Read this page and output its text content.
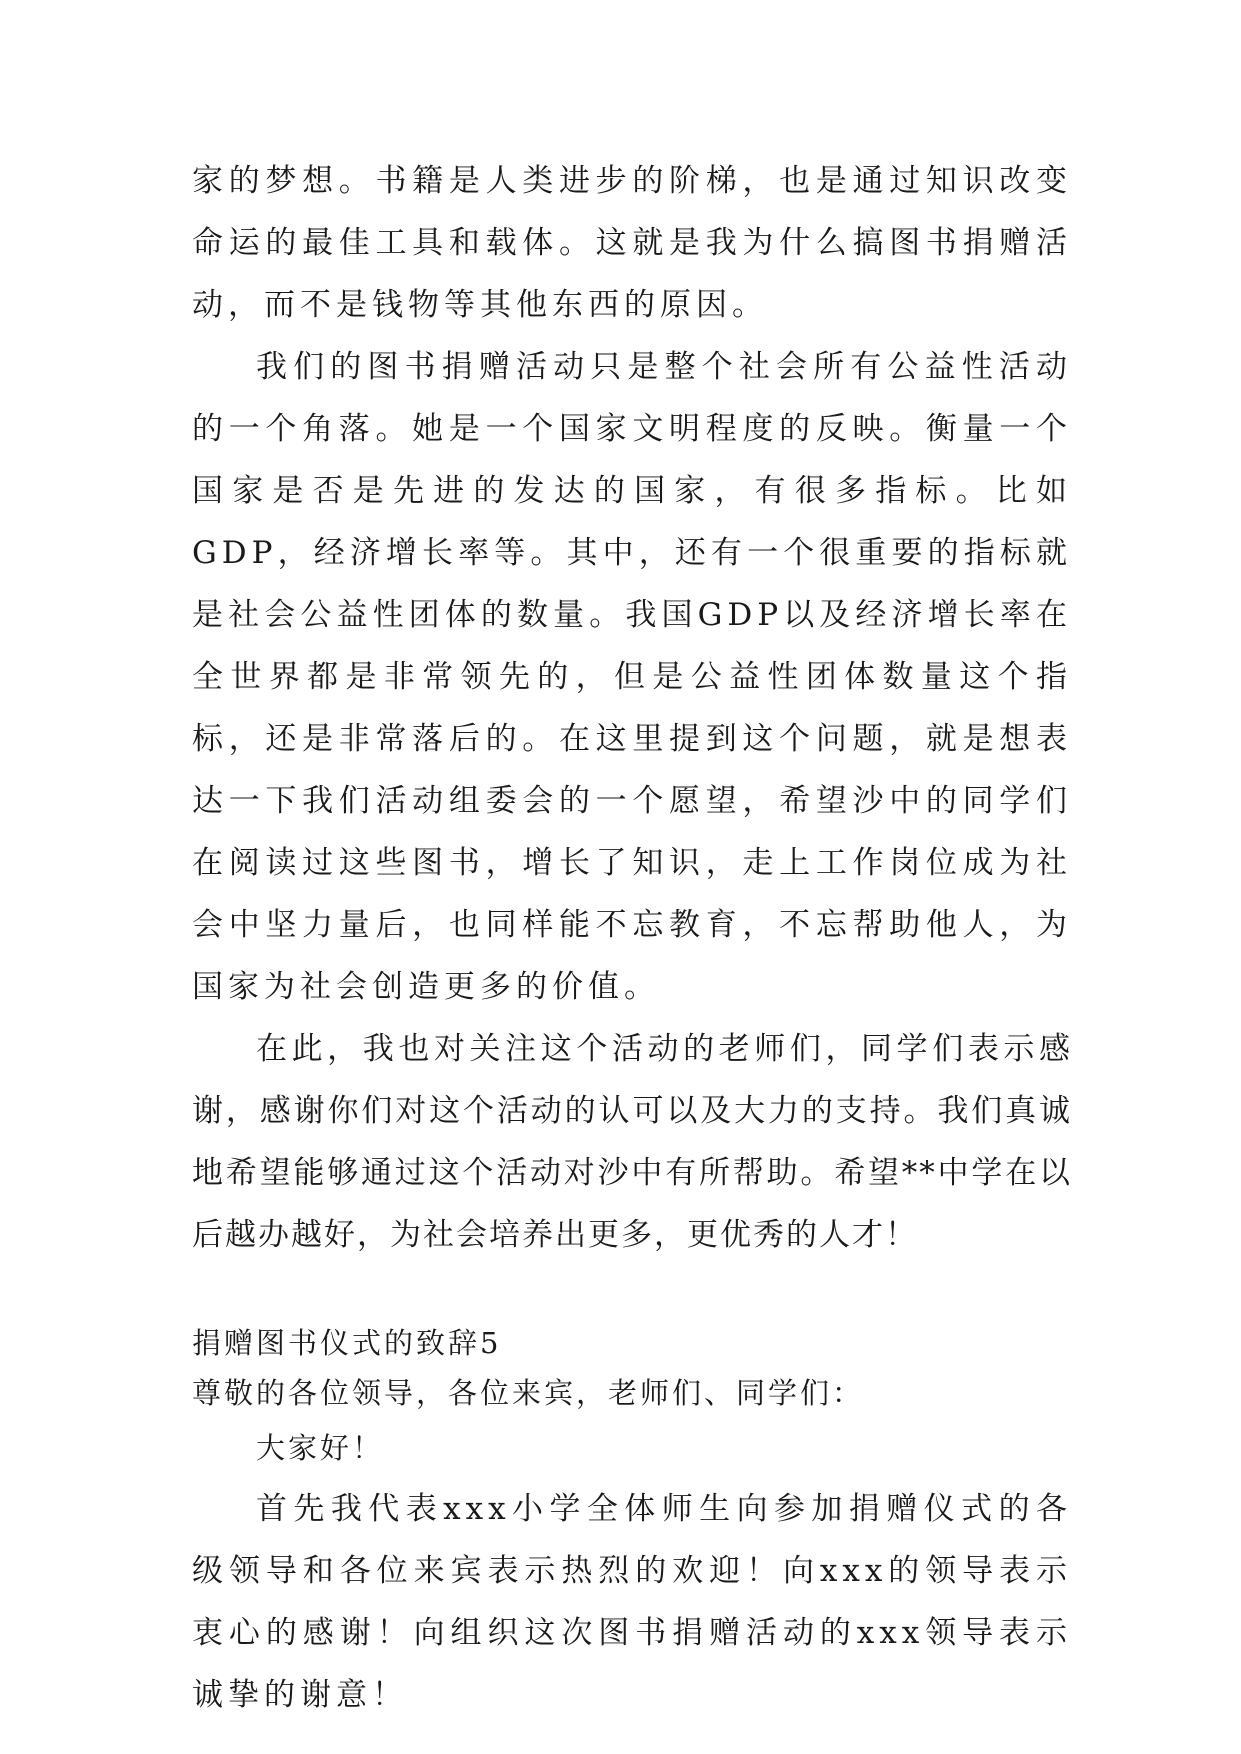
家的梦想。书籍是人类进步的阶梯，也是通过知识改变命运的最佳工具和载体。这就是我为什么搞图书捐赠活动，而不是钱物等其他东西的原因。

我们的图书捐赠活动只是整个社会所有公益性活动的一个角落。她是一个国家文明程度的反映。衡量一个国家是否是先进的发达的国家，有很多指标。比如GDP，经济增长率等。其中，还有一个很重要的指标就是社会公益性团体的数量。我国GDP以及经济增长率在全世界都是非常领先的，但是公益性团体数量这个指标，还是非常落后的。在这里提到这个问题，就是想表达一下我们活动组委会的一个愿望，希望沙中的同学们在阅读过这些图书，增长了知识，走上工作岗位成为社会中坚力量后，也同样能不忘教育，不忘帮助他人，为国家为社会创造更多的价值。

在此，我也对关注这个活动的老师们，同学们表示感谢，感谢你们对这个活动的认可以及大力的支持。我们真诚地希望能够通过这个活动对沙中有所帮助。希望**中学在以后越办越好，为社会培养出更多，更优秀的人才！

捐赠图书仪式的致辞5

尊敬的各位领导，各位来宾，老师们、同学们：

大家好！

首先我代表xxx小学全体师生向参加捐赠仪式的各级领导和各位来宾表示热烈的欢迎！向xxx的领导表示衷心的感谢！向组织这次图书捐赠活动的xxx领导表示诚挚的谢意！
